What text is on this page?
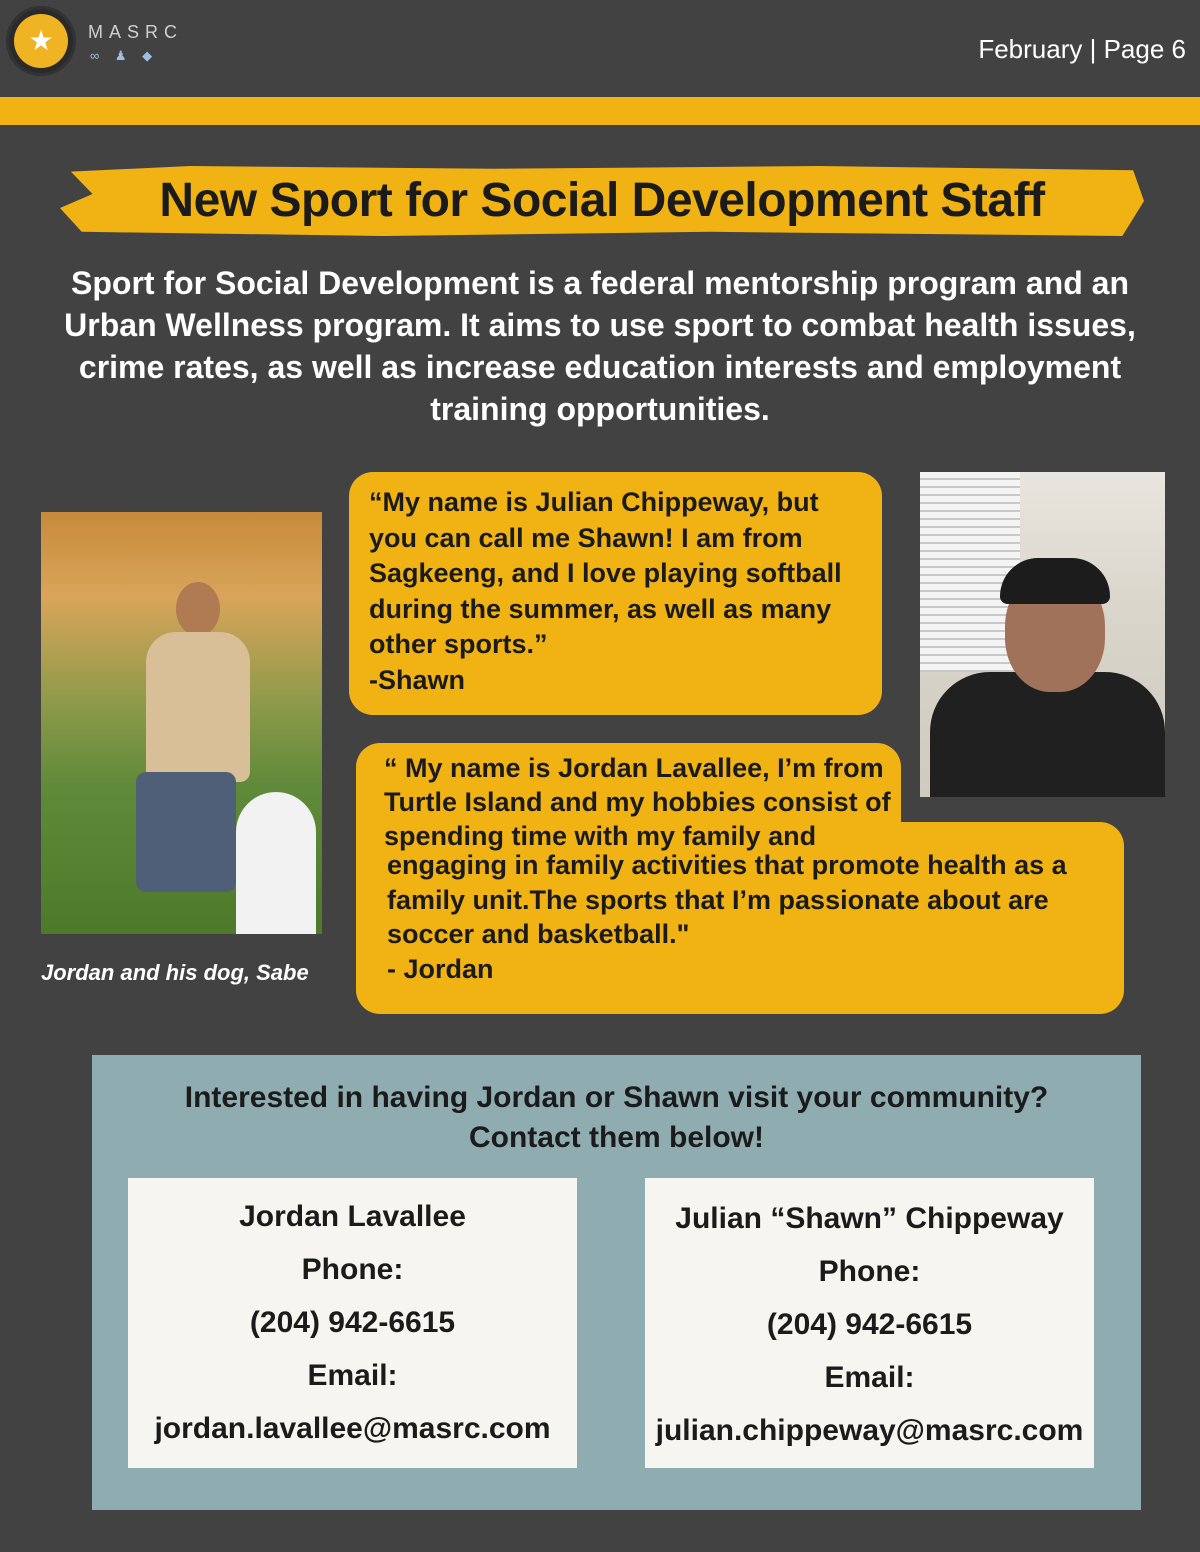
★	MASRC
∞ ♟ ◆	February | Page 6
New Sport for Social Development Staff
Sport for Social Development is a federal mentorship program and an Urban Wellness program. It aims to use sport to combat health issues, crime rates, as well as increase education interests and employment training opportunities.
Jordan and his dog, Sabe
“My name is Julian Chippeway, but you can call me Shawn! I am from Sagkeeng, and I love playing softball during the summer, as well as many other sports.”
-Shawn
“ My name is Jordan Lavallee, I’m from Turtle Island and my hobbies consist of spending time with my family and
engaging in family activities that promote health as a family unit.The sports that I’m passionate about are soccer and basketball."
- Jordan
Interested in having Jordan or Shawn visit your community?
Contact them below!
Jordan Lavallee
Phone:
(204) 942-6615
Email:
jordan.lavallee@masrc.com
Julian “Shawn” Chippeway
Phone:
(204) 942-6615
Email:
julian.chippeway@masrc.com
